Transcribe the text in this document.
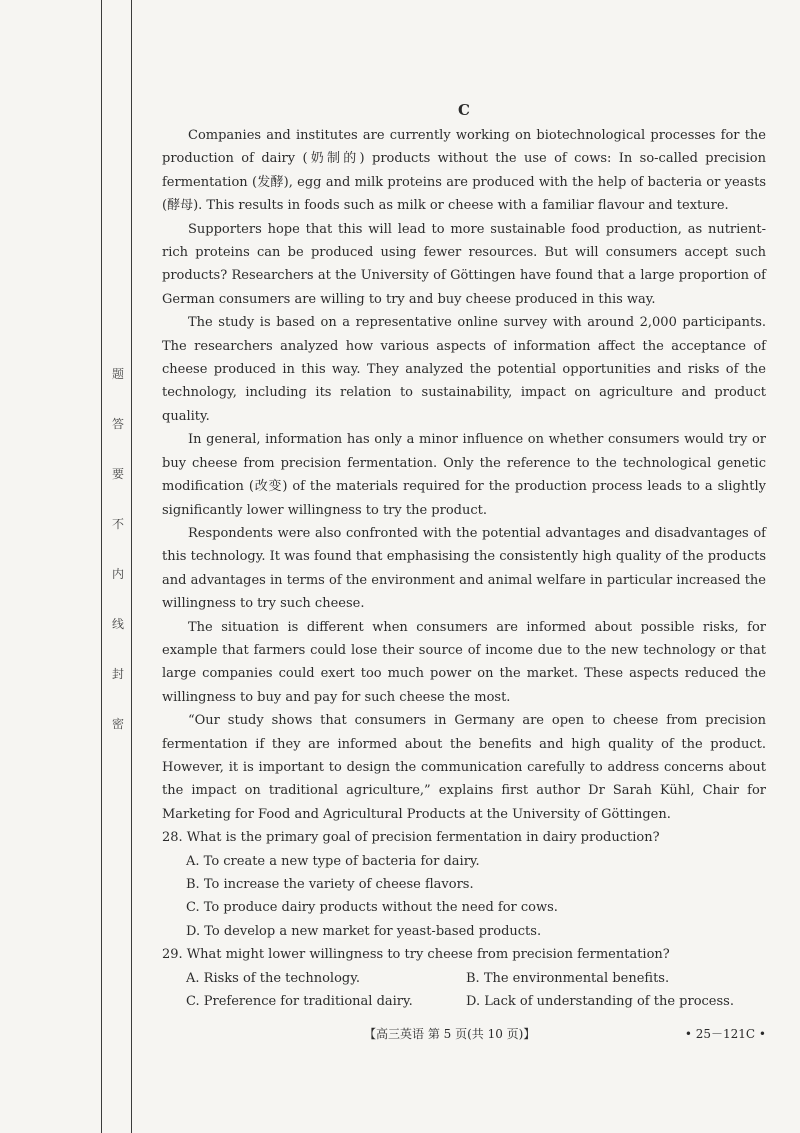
题
答
要
不
内
线
封
密

C

Companies and institutes are currently working on biotechnological processes for the production of dairy (奶制的) products without the use of cows: In so-called precision fermentation (发酵), egg and milk proteins are produced with the help of bacteria or yeasts (酵母). This results in foods such as milk or cheese with a familiar flavour and texture.

Supporters hope that this will lead to more sustainable food production, as nutrient-rich proteins can be produced using fewer resources. But will consumers accept such products? Researchers at the University of Göttingen have found that a large proportion of German consumers are willing to try and buy cheese produced in this way.

The study is based on a representative online survey with around 2,000 participants. The researchers analyzed how various aspects of information affect the acceptance of cheese produced in this way. They analyzed the potential opportunities and risks of the technology, including its relation to sustainability, impact on agriculture and product quality.

In general, information has only a minor influence on whether consumers would try or buy cheese from precision fermentation. Only the reference to the technological genetic modification (改变) of the materials required for the production process leads to a slightly significantly lower willingness to try the product.

Respondents were also confronted with the potential advantages and disadvantages of this technology. It was found that emphasising the consistently high quality of the products and advantages in terms of the environment and animal welfare in particular increased the willingness to try such cheese.

The situation is different when consumers are informed about possible risks, for example that farmers could lose their source of income due to the new technology or that large companies could exert too much power on the market. These aspects reduced the willingness to buy and pay for such cheese the most.

“Our study shows that consumers in Germany are open to cheese from precision fermentation if they are informed about the benefits and high quality of the product. However, it is important to design the communication carefully to address concerns about the impact on traditional agriculture,” explains first author Dr Sarah Kühl, Chair for Marketing for Food and Agricultural Products at the University of Göttingen.

28. What is the primary goal of precision fermentation in dairy production?

A. To create a new type of bacteria for dairy.

B. To increase the variety of cheese flavors.

C. To produce dairy products without the need for cows.

D. To develop a new market for yeast-based products.

29. What might lower willingness to try cheese from precision fermentation?

A. Risks of the technology.	B. The environmental benefits.
C. Preference for traditional dairy.	D. Lack of understanding of the process.
【高三英语 第 5 页(共 10 页)】	• 25－121C •
